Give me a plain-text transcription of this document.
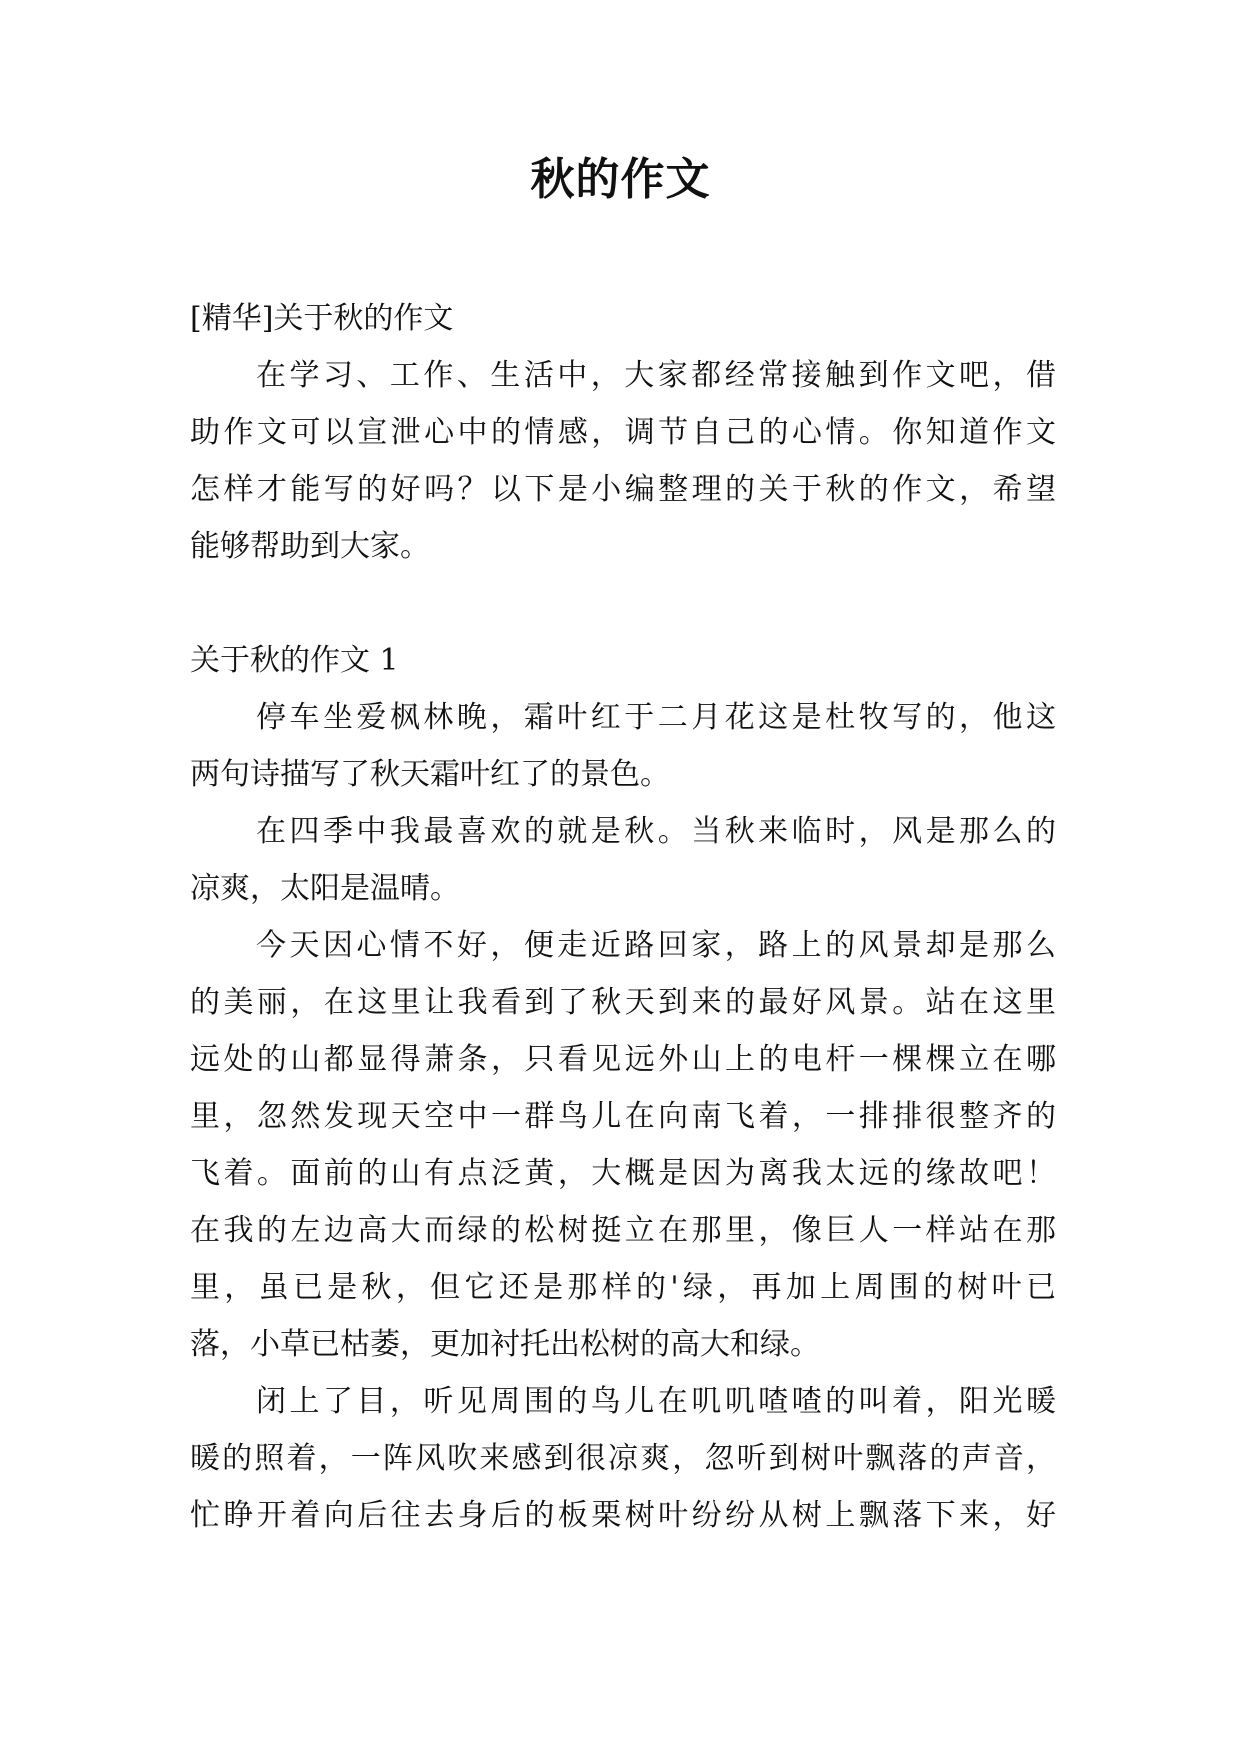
秋的作文
[精华]关于秋的作文
在学习、工作、生活中，大家都经常接触到作文吧，借
助作文可以宣泄心中的情感，调节自己的心情。你知道作文
怎样才能写的好吗？以下是小编整理的关于秋的作文，希望
能够帮助到大家。
关于秋的作文 1
停车坐爱枫林晚，霜叶红于二月花这是杜牧写的，他这
两句诗描写了秋天霜叶红了的景色。
在四季中我最喜欢的就是秋。当秋来临时，风是那么的
凉爽，太阳是温晴。
今天因心情不好，便走近路回家，路上的风景却是那么
的美丽，在这里让我看到了秋天到来的最好风景。站在这里
远处的山都显得萧条，只看见远外山上的电杆一棵棵立在哪
里，忽然发现天空中一群鸟儿在向南飞着，一排排很整齐的
飞着。面前的山有点泛黄，大概是因为离我太远的缘故吧！
在我的左边高大而绿的松树挺立在那里，像巨人一样站在那
里，虽已是秋，但它还是那样的'绿，再加上周围的树叶已
落，小草已枯萎，更加衬托出松树的高大和绿。
闭上了目，听见周围的鸟儿在叽叽喳喳的叫着，阳光暖
暖的照着，一阵风吹来感到很凉爽，忽听到树叶飘落的声音，
忙睁开着向后往去身后的板栗树叶纷纷从树上飘落下来，好
